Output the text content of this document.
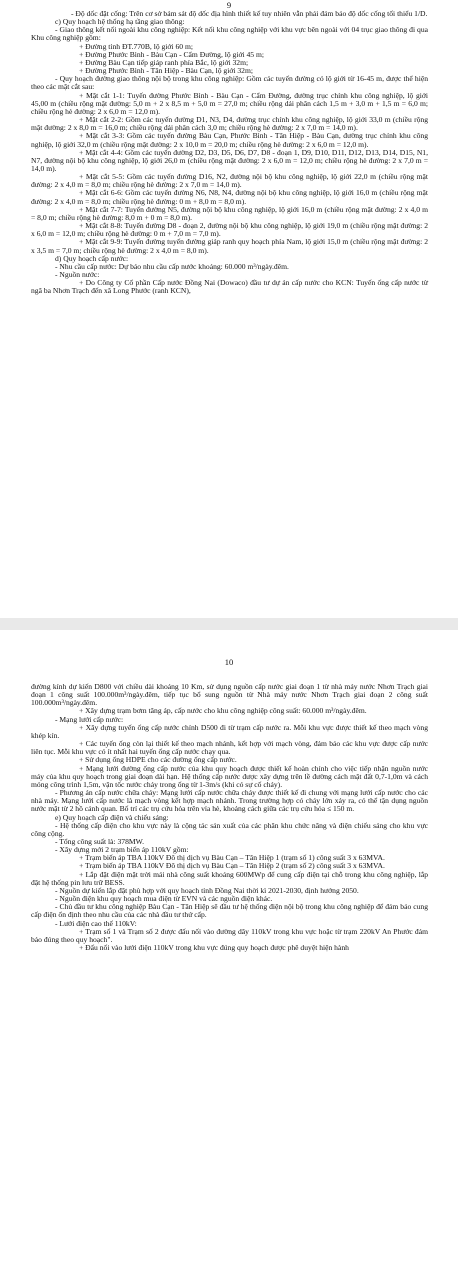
9

- Độ dốc đặt cống: Trên cơ sở bám sát độ dốc địa hình thiết kế tuy nhiên vẫn phải đảm bảo độ dốc cống tối thiểu 1/D.

c) Quy hoạch hệ thống hạ tầng giao thông:

- Giao thông kết nối ngoài khu công nghiệp: Kết nối khu công nghiệp với khu vực bên ngoài với 04 trục giao thông đi qua Khu công nghiệp gồm:

+ Đường tỉnh ĐT.770B, lộ giới 60 m;

+ Đường Phước Bình - Bàu Cạn - Cẩm Đường, lộ giới 45 m;

+ Đường Bàu Cạn tiếp giáp ranh phía Bắc, lộ giới 32m;

+ Đường Phước Bình - Tân Hiệp - Bàu Cạn, lộ giới 32m;

- Quy hoạch đường giao thông nội bộ trong khu công nghiệp: Gồm các tuyến đường có lộ giới từ 16-45 m, được thể hiện theo các mặt cắt sau:

+ Mặt cắt 1-1: Tuyến đường Phước Bình - Bàu Cạn - Cẩm Đường, đường trục chính khu công nghiệp, lộ giới 45,00 m (chiều rộng mặt đường: 5,0 m + 2 x 8,5 m + 5,0 m = 27,0 m; chiều rộng dải phân cách 1,5 m + 3,0 m + 1,5 m = 6,0 m; chiều rộng hè đường: 2 x 6,0 m = 12,0 m).

+ Mặt cắt 2-2: Gồm các tuyến đường D1, N3, D4, đường trục chính khu công nghiệp, lộ giới 33,0 m (chiều rộng mặt đường: 2 x 8,0 m = 16,0 m; chiều rộng dải phân cách 3,0 m; chiều rộng hè đường: 2 x 7,0 m = 14,0 m).

+ Mặt cắt 3-3: Gồm các tuyến đường Bàu Cạn, Phước Bình - Tân Hiệp - Bàu Cạn, đường trục chính khu công nghiệp, lộ giới 32,0 m (chiều rộng mặt đường: 2 x 10,0 m = 20,0 m; chiều rộng hè đường: 2 x 6,0 m = 12,0 m).

+ Mặt cắt 4-4: Gồm các tuyến đường D2, D3, D5, D6, D7, D8 - đoạn 1, D9, D10, D11, D12, D13, D14, D15, N1, N7, đường nội bộ khu công nghiệp, lộ giới 26,0 m (chiều rộng mặt đường: 2 x 6,0 m = 12,0 m; chiều rộng hè đường: 2 x 7,0 m = 14,0 m).

+ Mặt cắt 5-5: Gồm các tuyến đường D16, N2, đường nội bộ khu công nghiệp, lộ giới 22,0 m (chiều rộng mặt đường: 2 x 4,0 m = 8,0 m; chiều rộng hè đường: 2 x 7,0 m = 14,0 m).

+ Mặt cắt 6-6: Gồm các tuyến đường N6, N8, N4, đường nội bộ khu công nghiệp, lộ giới 16,0 m (chiều rộng mặt đường: 2 x 4,0 m = 8,0 m; chiều rộng hè đường: 0 m + 8,0 m = 8,0 m).

+ Mặt cắt 7-7: Tuyến đường N5, đường nội bộ khu công nghiệp, lộ giới 16,0 m (chiều rộng mặt đường: 2 x 4,0 m = 8,0 m; chiều rộng hè đường: 8,0 m + 0 m = 8,0 m).

+ Mặt cắt 8-8: Tuyến đường D8 - đoạn 2, đường nội bộ khu công nghiệp, lộ giới 19,0 m (chiều rộng mặt đường: 2 x 6,0 m = 12,0 m; chiều rộng hè đường: 0 m + 7,0 m = 7,0 m).

+ Mặt cắt 9-9: Tuyến đường tuyến đường giáp ranh quy hoạch phía Nam, lộ giới 15,0 m (chiều rộng mặt đường: 2 x 3,5 m = 7,0 m; chiều rộng hè đường: 2 x 4,0 m = 8,0 m).

d) Quy hoạch cấp nước:

- Nhu cầu cấp nước: Dự báo nhu cầu cấp nước khoảng: 60.000 m³/ngày.đêm.

- Nguồn nước:

+ Do Công ty Cổ phần Cấp nước Đồng Nai (Dowaco) đầu tư dự án cấp nước cho KCN: Tuyến ống cấp nước từ ngã ba Nhơn Trạch đến xã Long Phước (ranh KCN),

10

đường kính dự kiến D800 với chiều dài khoảng 10 Km, sử dụng nguồn cấp nước giai đoạn 1 từ nhà máy nước Nhơn Trạch giai đoạn 1 công suất 100.000m³/ngày.đêm, tiếp tục bổ sung nguồn từ Nhà máy nước Nhơn Trạch giai đoạn 2 công suất 100.000m³/ngày.đêm.

+ Xây dựng trạm bơm tăng áp, cấp nước cho khu công nghiệp công suất: 60.000 m³/ngày.đêm.

- Mạng lưới cấp nước:

+ Xây dựng tuyến ống cấp nước chính D500 đi từ trạm cấp nước ra. Mỗi khu vực được thiết kế theo mạch vòng khép kín.

+ Các tuyến ống còn lại thiết kế theo mạch nhánh, kết hợp với mạch vòng, đảm bảo các khu vực được cấp nước liên tục. Mỗi khu vực có ít nhất hai tuyến ống cấp nước chạy qua.

+ Sử dụng ống HDPE cho các đường ống cấp nước.

+ Mạng lưới đường ống cấp nước của khu quy hoạch được thiết kế hoàn chỉnh cho việc tiếp nhận nguồn nước máy của khu quy hoạch trong giai đoạn dài hạn. Hệ thống cấp nước được xây dựng trên lề đường cách mặt đất 0,7-1,0m và cách móng công trình 1,5m, vận tốc nước chảy trong ống từ 1-3m/s (khi có sự cố cháy).

- Phương án cấp nước chữa cháy: Mạng lưới cấp nước chữa cháy được thiết kế đi chung với mạng lưới cấp nước cho các nhà máy. Mạng lưới cấp nước là mạch vòng kết hợp mạch nhánh. Trong trường hợp có cháy lớn xảy ra, có thể tận dụng nguồn nước mặt từ 2 hồ cảnh quan. Bố trí các trụ cứu hỏa trên vỉa hè, khoảng cách giữa các trụ cứu hỏa ≤ 150 m.

e) Quy hoạch cấp điện và chiếu sáng:

- Hệ thống cấp điện cho khu vực này là cộng tác sản xuất của các phân khu chức năng và điện chiếu sáng cho khu vực công cộng.

- Tổng công suất là: 378MW.

- Xây dựng mới 2 trạm biến áp 110kV gồm:

+ Trạm biến áp TBA 110kV Đô thị dịch vụ Bàu Cạn – Tân Hiệp 1 (trạm số 1) công suất 3 x 63MVA.

+ Trạm biến áp TBA 110kV Đô thị dịch vụ Bàu Cạn – Tân Hiệp 2 (trạm số 2) công suất 3 x 63MVA.

+ Lắp đặt điện mặt trời mái nhà công suất khoảng 600MWp để cung cấp điện tại chỗ trong khu công nghiệp, lắp đặt hệ thống pin lưu trữ BESS.

- Nguồn dự kiến lắp đặt phù hợp với quy hoạch tỉnh Đồng Nai thời kì 2021-2030, định hướng 2050.

- Nguồn điện khu quy hoạch mua điện từ EVN và các nguồn điện khác.

- Chủ đầu tư khu công nghiệp Bàu Cạn - Tân Hiệp sẽ đầu tư hệ thống điện nội bộ trong khu công nghiệp để đảm bảo cung cấp điện ổn định theo nhu cầu của các nhà đầu tư thứ cấp.

- Lưới điện cao thế 110kV:

+ Trạm số 1 và Trạm số 2 được đấu nối vào đường dây 110kV trong khu vực hoặc từ trạm 220kV An Phước đảm bảo đúng theo quy hoạch".

+ Đấu nối vào lưới điện 110kV trong khu vực đúng quy hoạch được phê duyệt hiện hành
